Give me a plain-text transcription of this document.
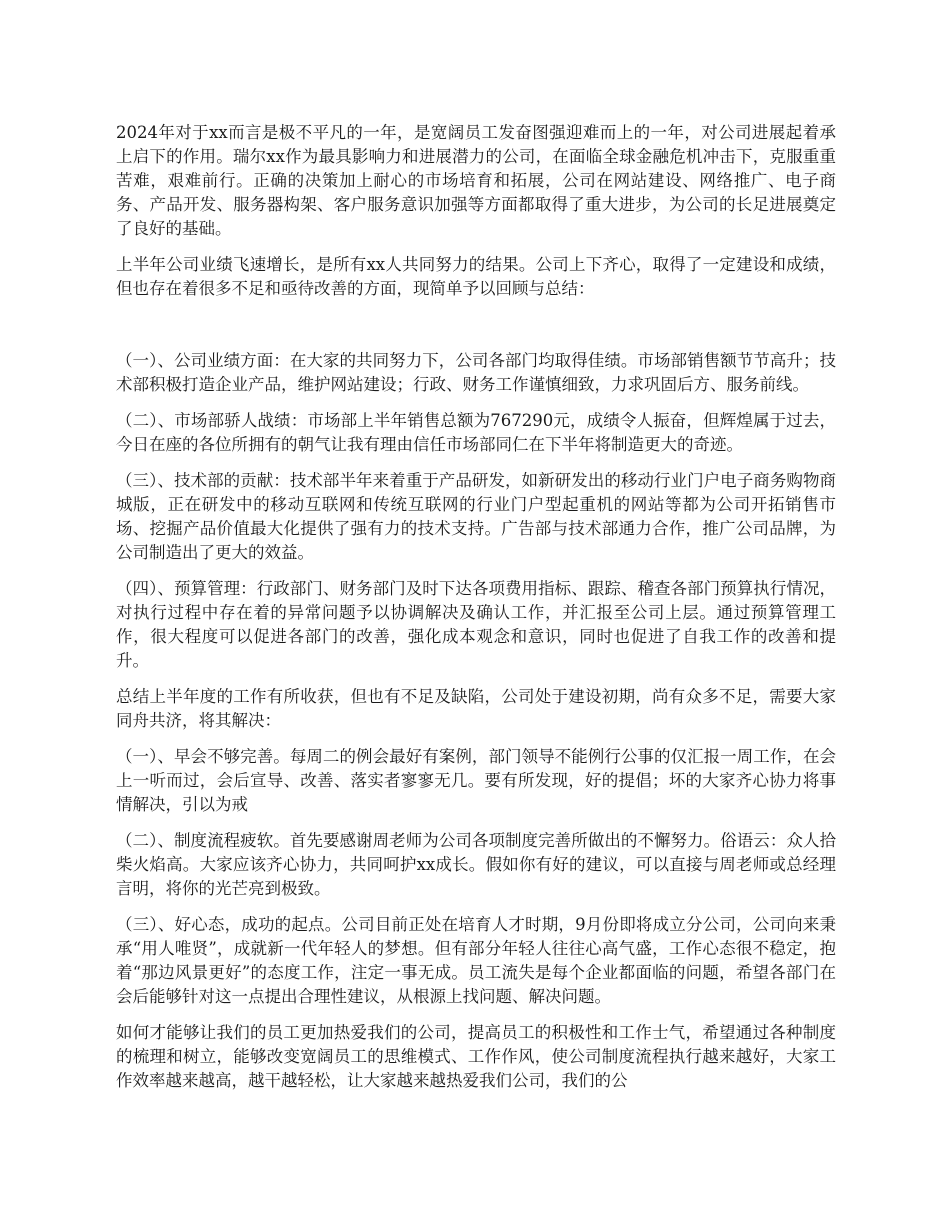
2024年对于xx而言是极不平凡的一年，是宽阔员工发奋图强迎难而上的一年，对公司进展起着承上启下的作用。瑞尔xx作为最具影响力和进展潜力的公司，在面临全球金融危机冲击下，克服重重苦难，艰难前行。正确的决策加上耐心的市场培育和拓展，公司在网站建设、网络推广、电子商务、产品开发、服务器构架、客户服务意识加强等方面都取得了重大进步，为公司的长足进展奠定了良好的基础。

上半年公司业绩飞速增长，是所有xx人共同努力的结果。公司上下齐心，取得了一定建设和成绩，但也存在着很多不足和亟待改善的方面，现简单予以回顾与总结：

（一）、公司业绩方面：在大家的共同努力下，公司各部门均取得佳绩。市场部销售额节节高升；技术部积极打造企业产品，维护网站建设；行政、财务工作谨慎细致，力求巩固后方、服务前线。

（二）、市场部骄人战绩：市场部上半年销售总额为767290元，成绩令人振奋，但辉煌属于过去，今日在座的各位所拥有的朝气让我有理由信任市场部同仁在下半年将制造更大的奇迹。

（三）、技术部的贡献：技术部半年来着重于产品研发，如新研发出的移动行业门户电子商务购物商城版，正在研发中的移动互联网和传统互联网的行业门户型起重机的网站等都为公司开拓销售市场、挖掘产品价值最大化提供了强有力的技术支持。广告部与技术部通力合作，推广公司品牌，为公司制造出了更大的效益。

（四）、预算管理：行政部门、财务部门及时下达各项费用指标、跟踪、稽查各部门预算执行情况，对执行过程中存在着的异常问题予以协调解决及确认工作，并汇报至公司上层。通过预算管理工作，很大程度可以促进各部门的改善，强化成本观念和意识，同时也促进了自我工作的改善和提升。

总结上半年度的工作有所收获，但也有不足及缺陷，公司处于建设初期，尚有众多不足，需要大家同舟共济，将其解决：

（一）、早会不够完善。每周二的例会最好有案例，部门领导不能例行公事的仅汇报一周工作，在会上一听而过，会后宣导、改善、落实者寥寥无几。要有所发现，好的提倡；坏的大家齐心协力将事情解决，引以为戒

（二）、制度流程疲软。首先要感谢周老师为公司各项制度完善所做出的不懈努力。俗语云：众人拾柴火焰高。大家应该齐心协力，共同呵护xx成长。假如你有好的建议，可以直接与周老师或总经理言明，将你的光芒亮到极致。

（三）、好心态，成功的起点。公司目前正处在培育人才时期，9月份即将成立分公司，公司向来秉承“用人唯贤”，成就新一代年轻人的梦想。但有部分年轻人往往心高气盛，工作心态很不稳定，抱着“那边风景更好”的态度工作，注定一事无成。员工流失是每个企业都面临的问题，希望各部门在会后能够针对这一点提出合理性建议，从根源上找问题、解决问题。

如何才能够让我们的员工更加热爱我们的公司，提高员工的积极性和工作士气，希望通过各种制度的梳理和树立，能够改变宽阔员工的思维模式、工作作风，使公司制度流程执行越来越好，大家工作效率越来越高，越干越轻松，让大家越来越热爱我们公司，我们的公
